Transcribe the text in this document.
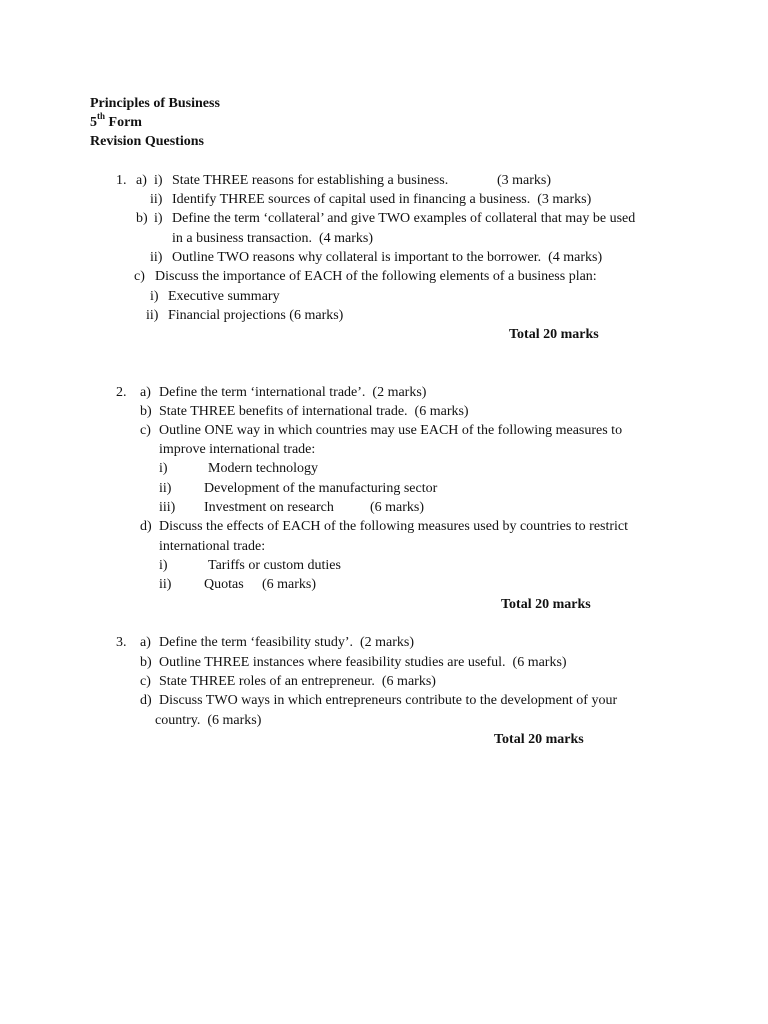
Principles of Business
5th Form
Revision Questions
1. a) i) State THREE reasons for establishing a business.	(3 marks)
ii) Identify THREE sources of capital used in financing a business.  (3 marks)
b) i) Define the term ‘collateral’ and give TWO examples of collateral that may be used
in a business transaction.  (4 marks)
ii) Outline TWO reasons why collateral is important to the borrower.  (4 marks)
c) Discuss the importance of EACH of the following elements of a business plan:
i) Executive summary
ii) Financial projections (6 marks)
Total 20 marks
2. a) Define the term ‘international trade’.  (2 marks)
b) State THREE benefits of international trade.  (6 marks)
c) Outline ONE way in which countries may use EACH of the following measures to
improve international trade:
i)	Modern technology
ii) Development of the manufacturing sector
iii) Investment on research	(6 marks)
d) Discuss the effects of EACH of the following measures used by countries to restrict
international trade:
i)	Tariffs or custom duties
ii) Quotas (6 marks)
Total 20 marks
3. a) Define the term ‘feasibility study’.  (2 marks)
b) Outline THREE instances where feasibility studies are useful.  (6 marks)
c) State THREE roles of an entrepreneur.  (6 marks)
d) Discuss TWO ways in which entrepreneurs contribute to the development of your
country.  (6 marks)
Total 20 marks
